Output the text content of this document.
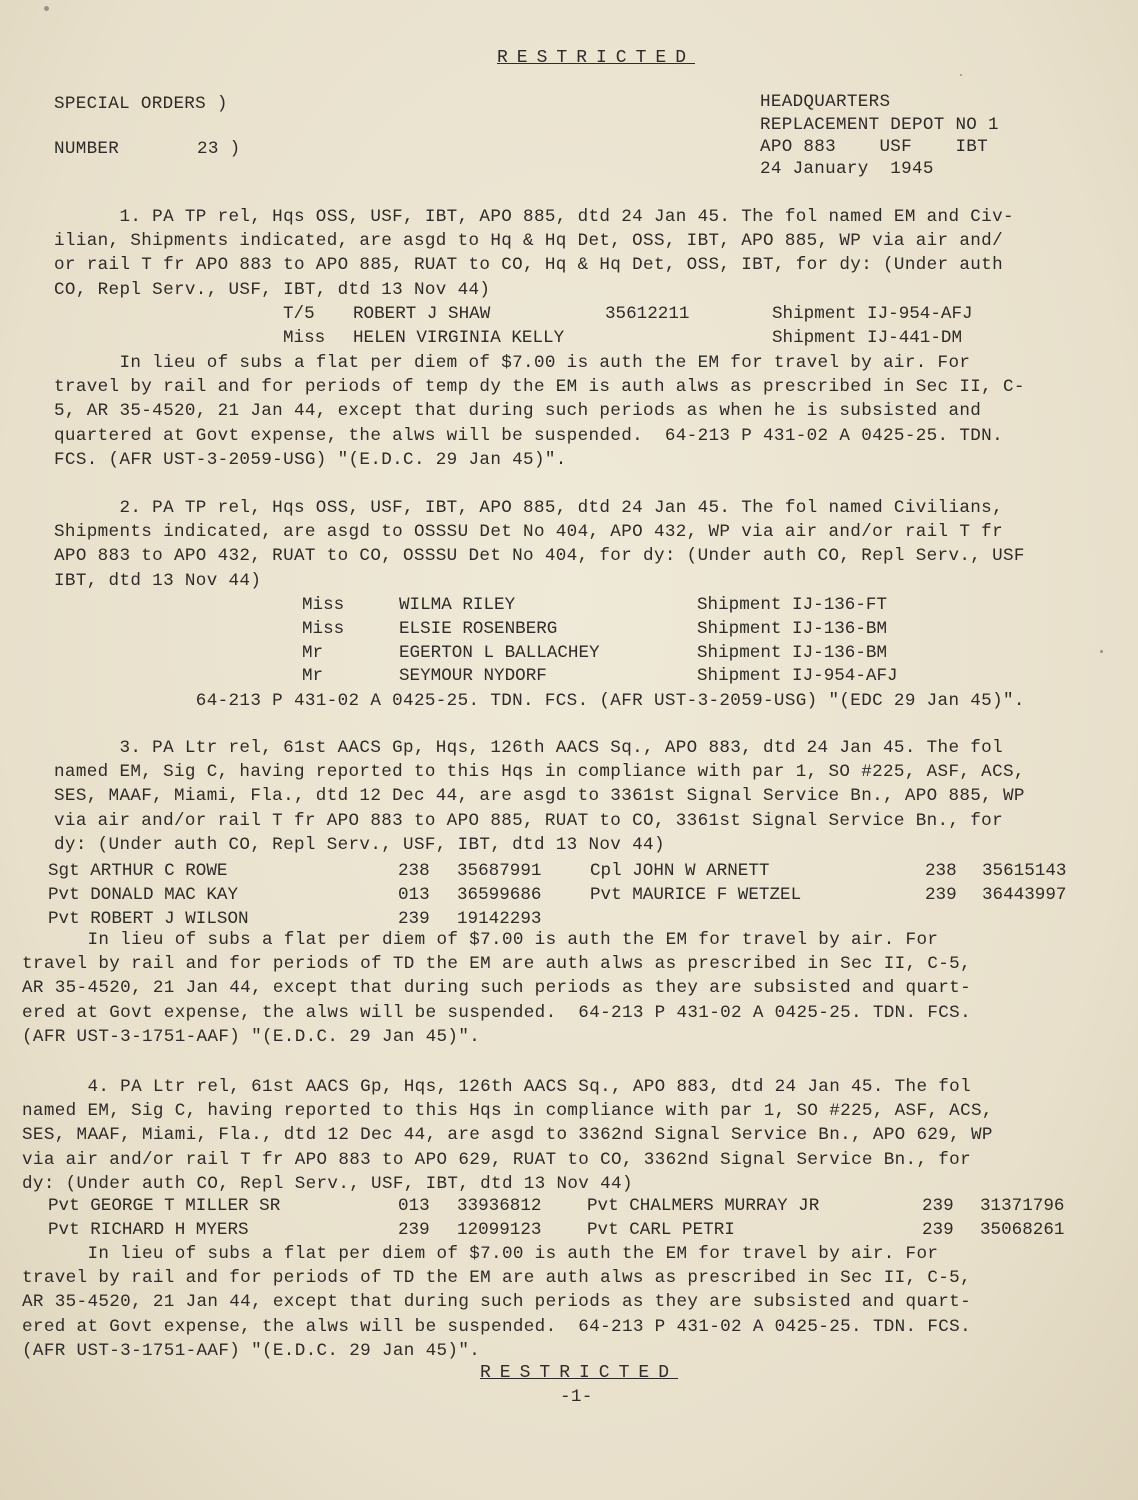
RESTRICTED
SPECIAL ORDERS )
NUMBER	23 )
HEADQUARTERS
REPLACEMENT DEPOT NO 1
APO 883    USF    IBT
24 January  1945
1. PA TP rel, Hqs OSS, USF, IBT, APO 885, dtd 24 Jan 45. The fol named EM and Civ-
ilian, Shipments indicated, are asgd to Hq & Hq Det, OSS, IBT, APO 885, WP via air and/
or rail T fr APO 883 to APO 885, RUAT to CO, Hq & Hq Det, OSS, IBT, for dy: (Under auth
CO, Repl Serv., USF, IBT, dtd 13 Nov 44)
T/5 ROBERT J SHAW	35612211	Shipment IJ-954-AFJ
Miss HELEN VIRGINIA KELLY	Shipment IJ-441-DM
In lieu of subs a flat per diem of $7.00 is auth the EM for travel by air. For
travel by rail and for periods of temp dy the EM is auth alws as prescribed in Sec II, C-
5, AR 35-4520, 21 Jan 44, except that during such periods as when he is subsisted and
quartered at Govt expense, the alws will be suspended.  64-213 P 431-02 A 0425-25. TDN.
FCS. (AFR UST-3-2059-USG) "(E.D.C. 29 Jan 45)".
2. PA TP rel, Hqs OSS, USF, IBT, APO 885, dtd 24 Jan 45. The fol named Civilians,
Shipments indicated, are asgd to OSSSU Det No 404, APO 432, WP via air and/or rail T fr
APO 883 to APO 432, RUAT to CO, OSSSU Det No 404, for dy: (Under auth CO, Repl Serv., USF
IBT, dtd 13 Nov 44)
Miss	WILMA RILEY	Shipment IJ-136-FT
Miss	ELSIE ROSENBERG	Shipment IJ-136-BM
Mr	EGERTON L BALLACHEY	Shipment IJ-136-BM
Mr	SEYMOUR NYDORF	Shipment IJ-954-AFJ
64-213 P 431-02 A 0425-25. TDN. FCS. (AFR UST-3-2059-USG) "(EDC 29 Jan 45)".
3. PA Ltr rel, 61st AACS Gp, Hqs, 126th AACS Sq., APO 883, dtd 24 Jan 45. The fol
named EM, Sig C, having reported to this Hqs in compliance with par 1, SO #225, ASF, ACS,
SES, MAAF, Miami, Fla., dtd 12 Dec 44, are asgd to 3361st Signal Service Bn., APO 885, WP
via air and/or rail T fr APO 883 to APO 885, RUAT to CO, 3361st Signal Service Bn., for
dy: (Under auth CO, Repl Serv., USF, IBT, dtd 13 Nov 44)
Sgt ARTHUR C ROWE	238 35687991	Cpl JOHN W ARNETT	238 35615143
Pvt DONALD MAC KAY	013 36599686	Pvt MAURICE F WETZEL	239 36443997
Pvt ROBERT J WILSON	239 19142293
In lieu of subs a flat per diem of $7.00 is auth the EM for travel by air. For
travel by rail and for periods of TD the EM are auth alws as prescribed in Sec II, C-5,
AR 35-4520, 21 Jan 44, except that during such periods as they are subsisted and quart-
ered at Govt expense, the alws will be suspended.  64-213 P 431-02 A 0425-25. TDN. FCS.
(AFR UST-3-1751-AAF) "(E.D.C. 29 Jan 45)".
4. PA Ltr rel, 61st AACS Gp, Hqs, 126th AACS Sq., APO 883, dtd 24 Jan 45. The fol
named EM, Sig C, having reported to this Hqs in compliance with par 1, SO #225, ASF, ACS,
SES, MAAF, Miami, Fla., dtd 12 Dec 44, are asgd to 3362nd Signal Service Bn., APO 629, WP
via air and/or rail T fr APO 883 to APO 629, RUAT to CO, 3362nd Signal Service Bn., for
dy: (Under auth CO, Repl Serv., USF, IBT, dtd 13 Nov 44)
Pvt GEORGE T MILLER SR	013 33936812	Pvt CHALMERS MURRAY JR	239 31371796
Pvt RICHARD H MYERS	239 12099123	Pvt CARL PETRI	239 35068261
In lieu of subs a flat per diem of $7.00 is auth the EM for travel by air. For
travel by rail and for periods of TD the EM are auth alws as prescribed in Sec II, C-5,
AR 35-4520, 21 Jan 44, except that during such periods as they are subsisted and quart-
ered at Govt expense, the alws will be suspended.  64-213 P 431-02 A 0425-25. TDN. FCS.
(AFR UST-3-1751-AAF) "(E.D.C. 29 Jan 45)".
RESTRICTED
-1-
